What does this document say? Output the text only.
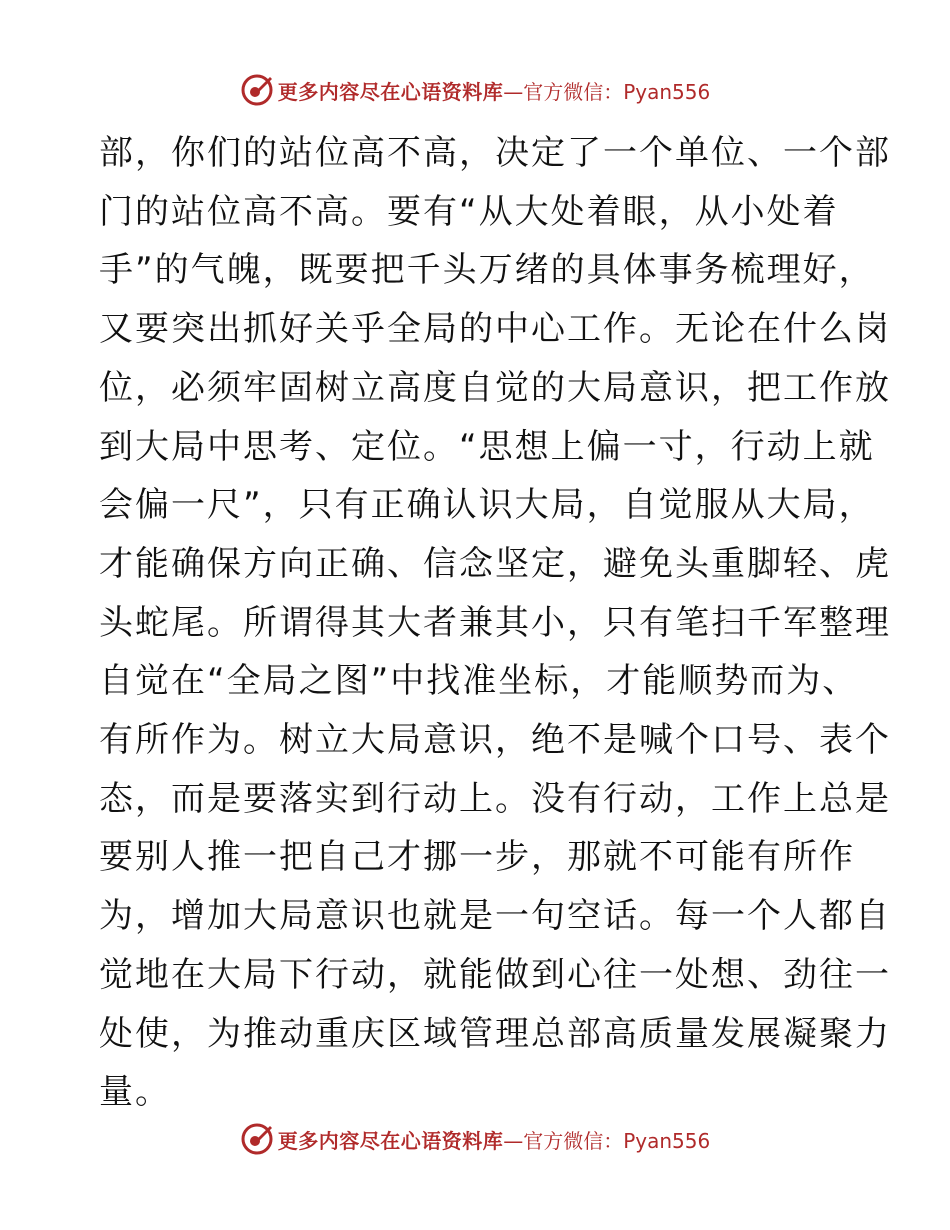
更多内容尽在心语资料库 —官方微信：Pyan556
部，你们的站位高不高，决定了一个单位、一个部
门的站位高不高。要有“从大处着眼，从小处着
手”的气魄，既要把千头万绪的具体事务梳理好，
又要突出抓好关乎全局的中心工作。无论在什么岗
位，必须牢固树立高度自觉的大局意识，把工作放
到大局中思考、定位。“思想上偏一寸，行动上就
会偏一尺”，只有正确认识大局，自觉服从大局，
才能确保方向正确、信念坚定，避免头重脚轻、虎
头蛇尾。所谓得其大者兼其小，只有笔扫千军整理
自觉在“全局之图”中找准坐标，才能顺势而为、
有所作为。树立大局意识，绝不是喊个口号、表个
态，而是要落实到行动上。没有行动，工作上总是
要别人推一把自己才挪一步，那就不可能有所作
为，增加大局意识也就是一句空话。每一个人都自
觉地在大局下行动，就能做到心往一处想、劲往一
处使，为推动重庆区域管理总部高质量发展凝聚力
量。
更多内容尽在心语资料库 —官方微信：Pyan556
